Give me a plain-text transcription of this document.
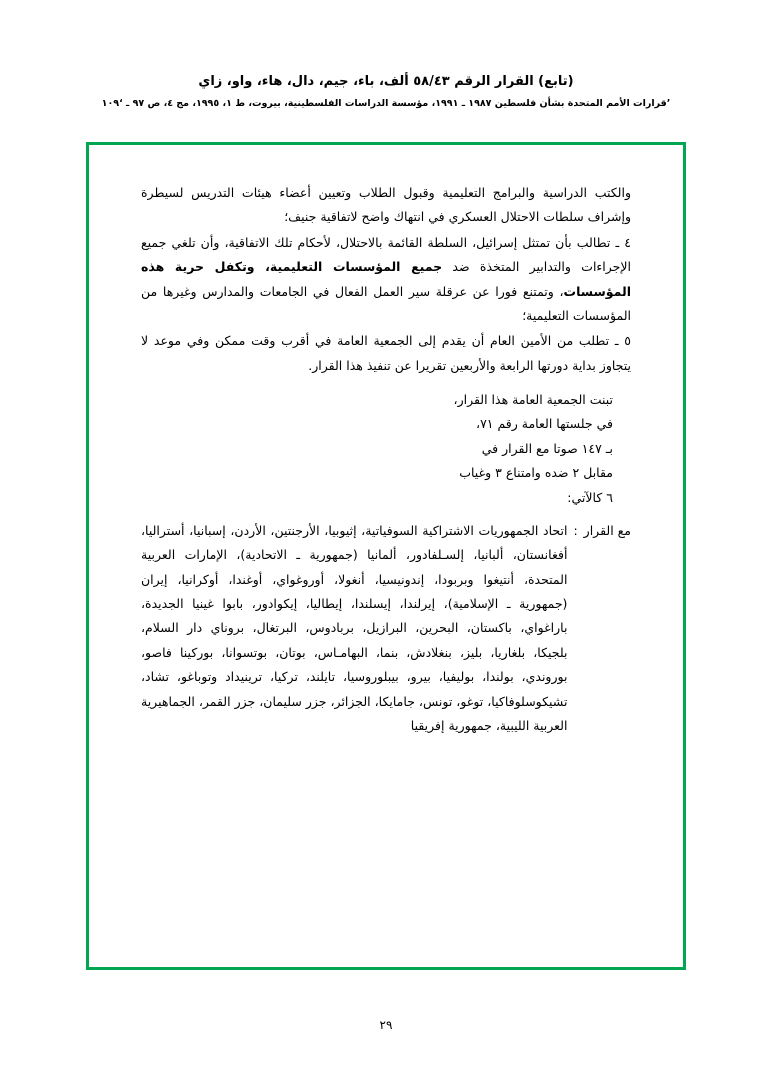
(تابع) القرار الرقم ٥٨/٤٣ ألف، باء، جيم، دال، هاء، واو، زاي
ʼقرارات الأمم المتحدة بشأن فلسطين ١٩٨٧ ـ ١٩٩١، مؤسسة الدراسات الفلسطينية، بيروت، ط ١، ١٩٩٥، مج ٤، ص ٩٧ ـ ١٠٩ʻ

والكتب الدراسية والبرامج التعليمية وقبول الطلاب وتعيين أعضاء هيئات التدريس لسيطرة وإشراف سلطات الاحتلال العسكري في انتهاك واضح لاتفاقية جنيف؛

٤ ـ تطالب بأن تمتثل إسرائيل، السلطة القائمة بالاحتلال، لأحكام تلك الاتفاقية، وأن تلغي جميع الإجراءات والتدابير المتخذة ضد جميع المؤسسات التعليمية، وتكفل حرية هذه المؤسسات، وتمتنع فورا عن عرقلة سير العمل الفعال في الجامعات والمدارس وغيرها من المؤسسات التعليمية؛

٥ ـ تطلب من الأمين العام أن يقدم إلى الجمعية العامة في أقرب وقت ممكن وفي موعد لا يتجاوز بداية دورتها الرابعة والأربعين تقريرا عن تنفيذ هذا القرار.

تبنت الجمعية العامة هذا القرار،
في جلستها العامة رقم ٧١،
بـ ١٤٧ صوتا مع القرار في
مقابل ٢ ضده وامتناع ٣ وغياب
٦ كالآتي:
مع القرار
:
اتحاد الجمهوريات الاشتراكية السوفياتية، إثيوبيا، الأرجنتين، الأردن، إسبانيا، أستراليا، أفغانستان، ألبانيا، إلسـلفادور، ألمانيا (جمهورية ـ الاتحادية)، الإمارات العربية المتحدة، أنتيغوا وبربودا، إندونيسيا، أنغولا، أوروغواي، أوغندا، أوكرانيا، إيران (جمهورية ـ الإسلامية)، إيرلندا، إيسلندا، إيطاليا، إيكوادور، بابوا غينيا الجديدة، باراغواي، باكستان، البحرين، البرازيل، بربادوس، البرتغال، بروناي دار السلام، بلجيكا، بلغاريا، بليز، بنغلادش، بنما، البهامـاس، بوتان، بوتسوانا، بوركينا فاصو، بوروندي، بولندا، بوليفيا، بيرو، بيبلوروسيا، تايلند، تركيا، ترينيداد وتوباغو، تشاد، تشيكوسلوفاكيا، توغو، تونس، جامايكا، الجزائر، جزر سليمان، جزر القمر، الجماهيرية العربية الليبية، جمهورية إفريقيا
٢٩
